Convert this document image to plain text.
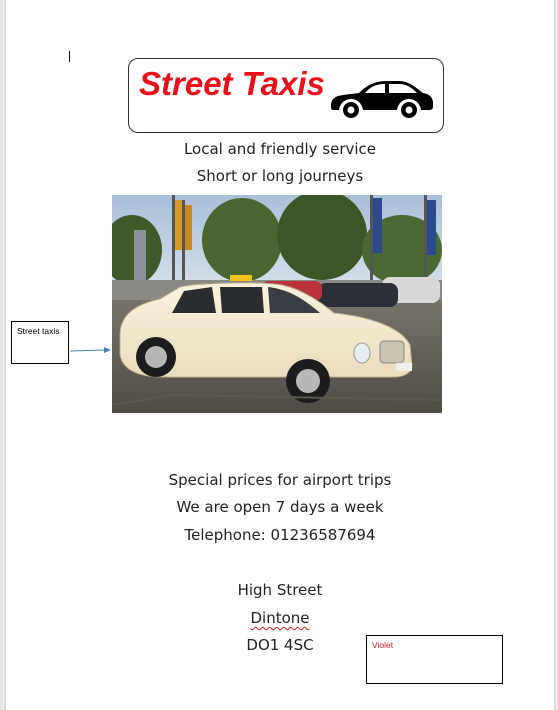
Street Taxis
Local and friendly service
Short or long journeys
Street taxis
Special prices for airport trips
We are open 7 days a week
Telephone: 01236587694
High Street
Dintone
DO1 4SC	Violet
